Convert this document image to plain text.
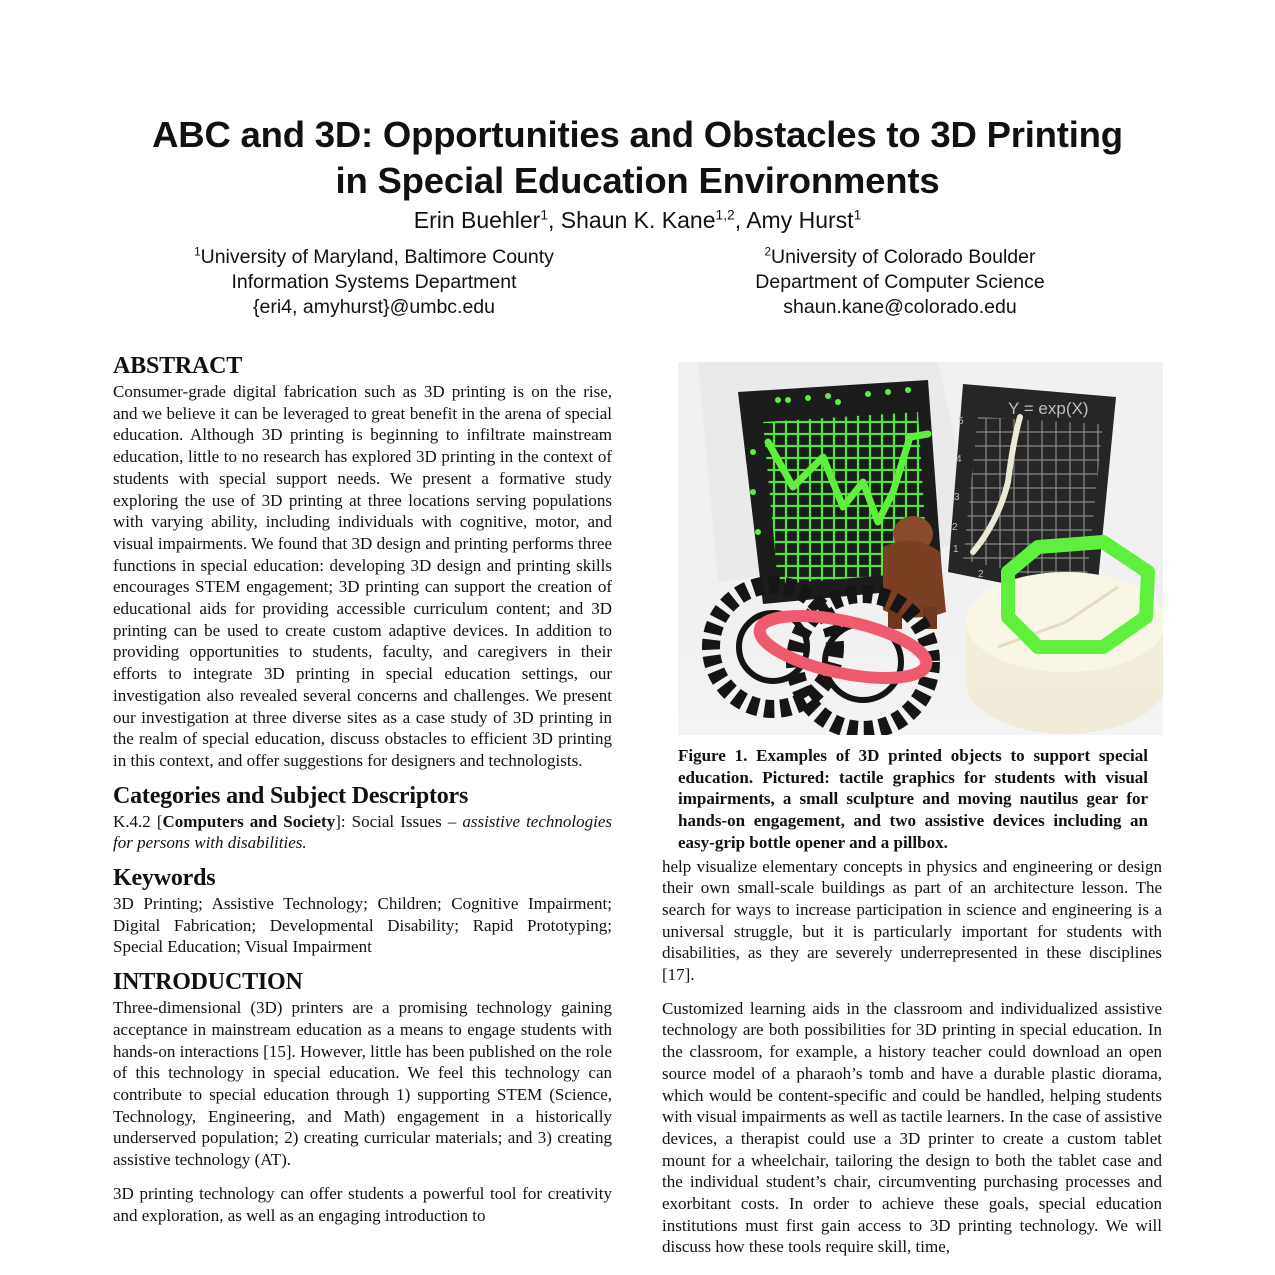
ABC and 3D: Opportunities and Obstacles to 3D Printing
in Special Education Environments
Erin Buehler$^1$, Shaun K. Kane$^{1,2}$, Amy Hurst$^1$
$^1$University of Maryland, Baltimore County
Information Systems Department
{eri4, amyhurst}@umbc.edu
$^2$University of Colorado Boulder
Department of Computer Science
shaun.kane@colorado.edu
ABSTRACT

Consumer-grade digital fabrication such as 3D printing is on the rise, and we believe it can be leveraged to great benefit in the arena of special education. Although 3D printing is beginning to infiltrate mainstream education, little to no research has explored 3D printing in the context of students with special support needs. We present a formative study exploring the use of 3D printing at three locations serving populations with varying ability, including individuals with cognitive, motor, and visual impairments. We found that 3D design and printing performs three functions in special education: developing 3D design and printing skills encourages STEM engagement; 3D printing can support the creation of educational aids for providing accessible curriculum content; and 3D printing can be used to create custom adaptive devices. In addition to providing opportunities to students, faculty, and caregivers in their efforts to integrate 3D printing in special education settings, our investigation also revealed several concerns and challenges. We present our investigation at three diverse sites as a case study of 3D printing in the realm of special education, discuss obstacles to efficient 3D printing in this context, and offer suggestions for designers and technologists.

Categories and Subject Descriptors

K.4.2 [Computers and Society]: Social Issues – assistive technologies for persons with disabilities.

Keywords

3D Printing; Assistive Technology; Children; Cognitive Impairment; Digital Fabrication; Developmental Disability; Rapid Prototyping; Special Education; Visual Impairment

INTRODUCTION

Three-dimensional (3D) printers are a promising technology gaining acceptance in mainstream education as a means to engage students with hands-on interactions [15]. However, little has been published on the role of this technology in special education. We feel this technology can contribute to special education through 1) supporting STEM (Science, Technology, Engineering, and Math) engagement in a historically underserved population; 2) creating curricular materials; and 3) creating assistive technology (AT).

3D printing technology can offer students a powerful tool for creativity and exploration, as well as an engaging introduction to

Y = exp(X)
5
4
3
2
1
2

Figure 1. Examples of 3D printed objects to support special education. Pictured: tactile graphics for students with visual impairments, a small sculpture and moving nautilus gear for hands-on engagement, and two assistive devices including an easy-grip bottle opener and a pillbox.

help visualize elementary concepts in physics and engineering or design their own small-scale buildings as part of an architecture lesson. The search for ways to increase participation in science and engineering is a universal struggle, but it is particularly important for students with disabilities, as they are severely underrepresented in these disciplines [17].

Customized learning aids in the classroom and individualized assistive technology are both possibilities for 3D printing in special education. In the classroom, for example, a history teacher could download an open source model of a pharaoh’s tomb and have a durable plastic diorama, which would be content-specific and could be handled, helping students with visual impairments as well as tactile learners. In the case of assistive devices, a therapist could use a 3D printer to create a custom tablet mount for a wheelchair, tailoring the design to both the tablet case and the individual student’s chair, circumventing purchasing processes and exorbitant costs. In order to achieve these goals, special education institutions must first gain access to 3D printing technology. We will discuss how these tools require skill, time,
